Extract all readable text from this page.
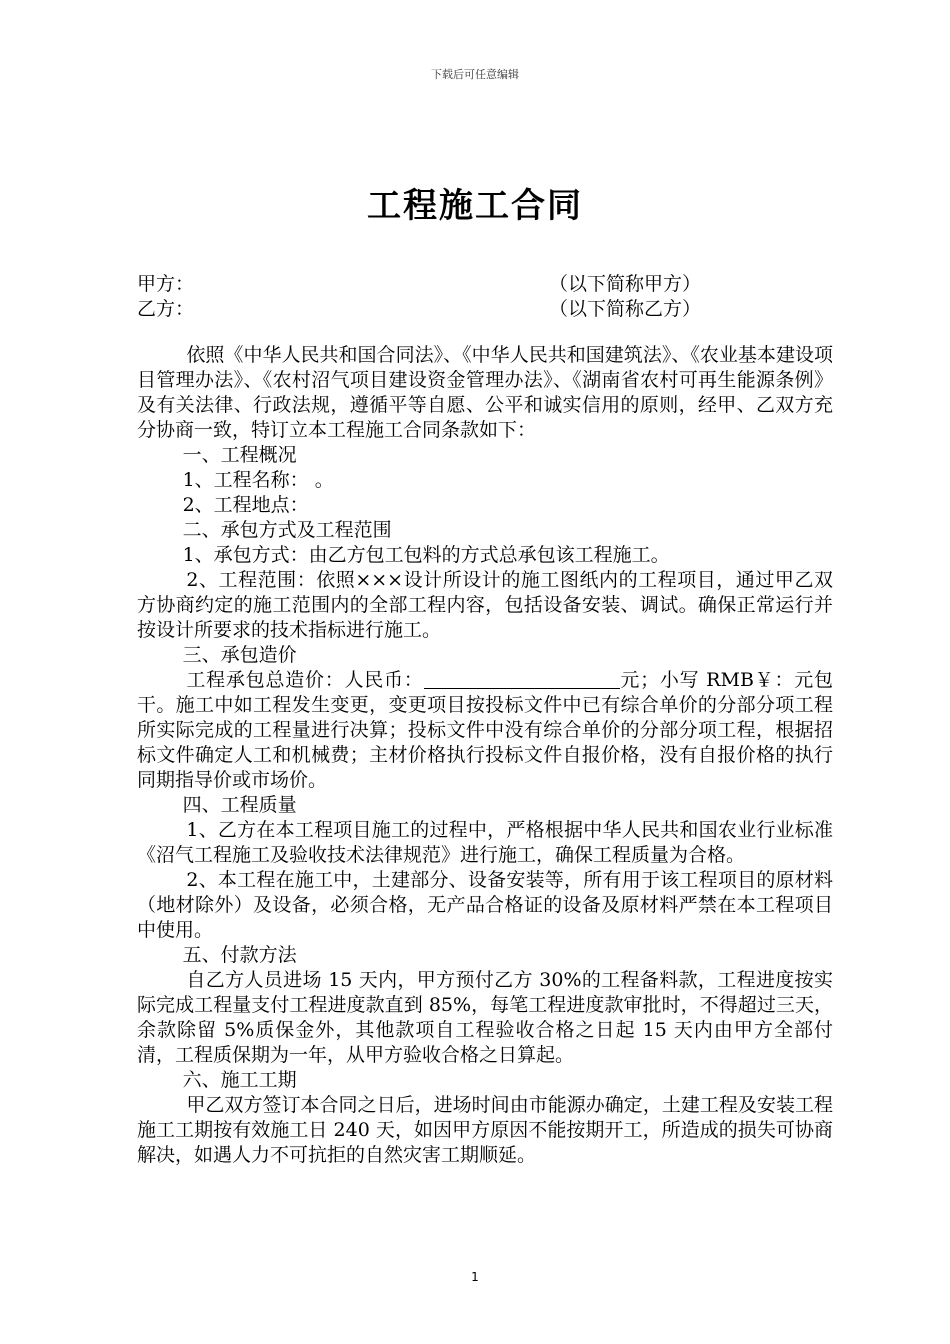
下载后可任意编辑
工程施工合同
甲方：	（以下简称甲方）
乙方：	（以下简称乙方）

依照《中华人民共和国合同法》、《中华人民共和国建筑法》、《农业基本建设项目管理办法》、《农村沼气项目建设资金管理办法》、《湖南省农村可再生能源条例》及有关法律、行政法规，遵循平等自愿、公平和诚实信用的原则，经甲、乙双方充分协商一致，特订立本工程施工合同条款如下：

一、工程概况

1、工程名称： 。

2、工程地点：

二、承包方式及工程范围

1、承包方式：由乙方包工包料的方式总承包该工程施工。

2、工程范围：依照×××设计所设计的施工图纸内的工程项目，通过甲乙双方协商约定的施工范围内的全部工程内容，包括设备安装、调试。确保正常运行并按设计所要求的技术指标进行施工。

三、承包造价

工程承包总造价：人民币：	元；小写 RMB￥：元包干。施工中如工程发生变更，变更项目按投标文件中已有综合单价的分部分项工程所实际完成的工程量进行决算；投标文件中没有综合单价的分部分项工程，根据招标文件确定人工和机械费；主材价格执行投标文件自报价格，没有自报价格的执行同期指导价或市场价。

四、工程质量

1、乙方在本工程项目施工的过程中，严格根据中华人民共和国农业行业标准《沼气工程施工及验收技术法律规范》进行施工，确保工程质量为合格。

2、本工程在施工中，土建部分、设备安装等，所有用于该工程项目的原材料（地材除外）及设备，必须合格，无产品合格证的设备及原材料严禁在本工程项目中使用。

五、付款方法

自乙方人员进场 15 天内，甲方预付乙方 30%的工程备料款，工程进度按实际完成工程量支付工程进度款直到 85%，每笔工程进度款审批时，不得超过三天，余款除留 5%质保金外，其他款项自工程验收合格之日起 15 天内由甲方全部付清，工程质保期为一年，从甲方验收合格之日算起。

六、施工工期

甲乙双方签订本合同之日后，进场时间由市能源办确定，土建工程及安装工程施工工期按有效施工日 240 天，如因甲方原因不能按期开工，所造成的损失可协商解决，如遇人力不可抗拒的自然灾害工期顺延。

1
